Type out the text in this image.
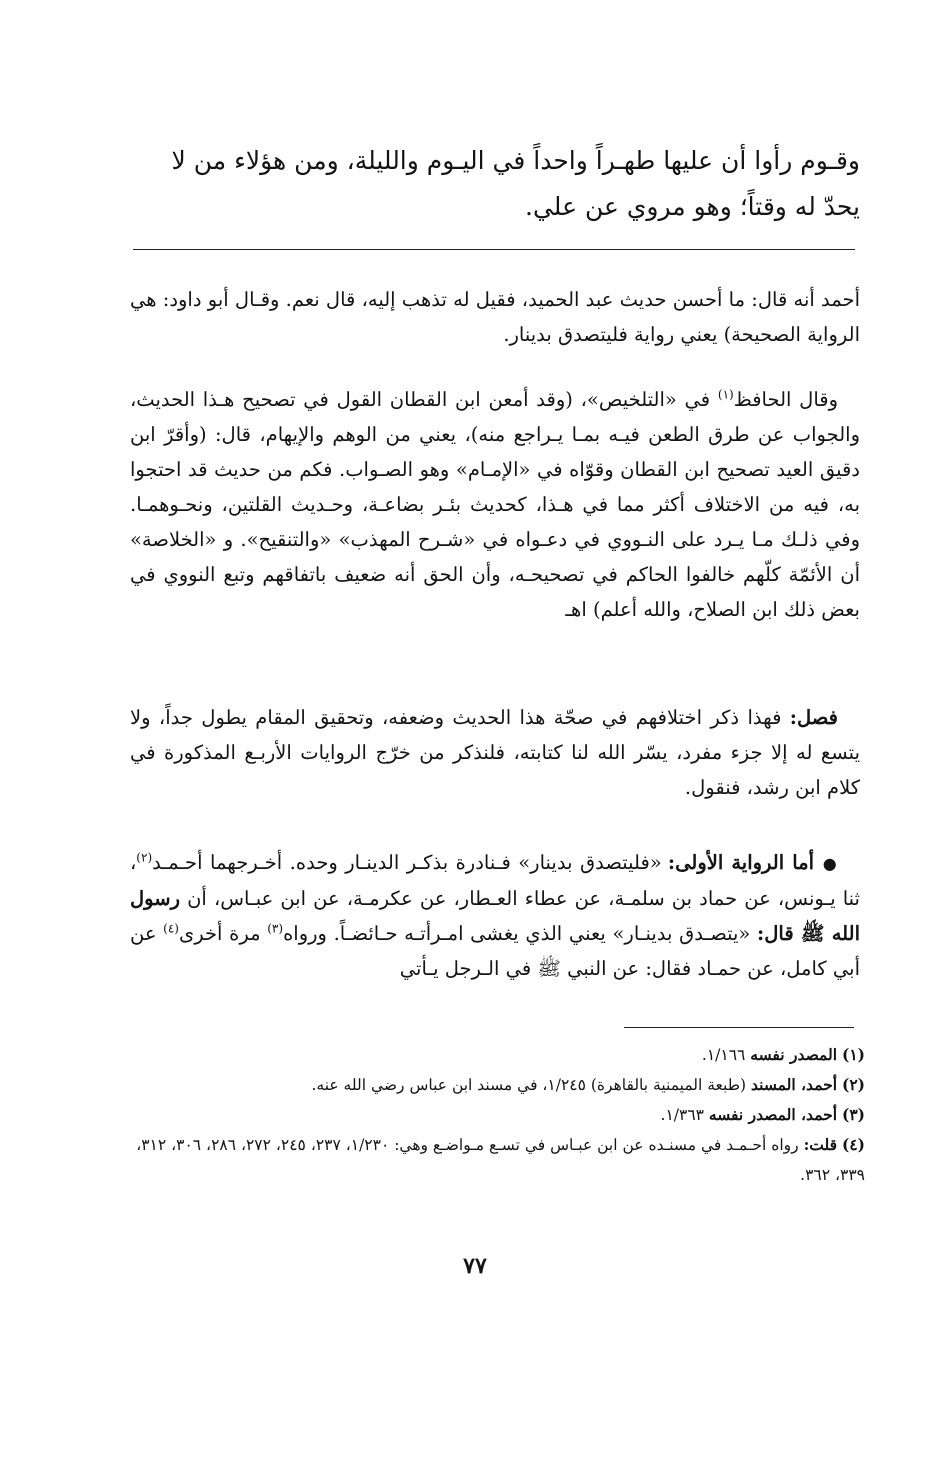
وقـوم رأوا أن عليها طهـراً واحداً في اليـوم والليلة، ومن هؤلاء من لا
يحدّ له وقتاً؛ وهو مروي عن علي.

أحمد أنه قال: ما أحسن حديث عبد الحميد، فقيل له تذهب إليه، قال نعم. وقـال أبو داود: هي الرواية الصحيحة) يعني رواية فليتصدق بدينار.

وقال الحافظ$^{(١)}$ في «التلخيص»، (وقد أمعن ابن القطان القول في تصحيح هـذا الحديث، والجواب عن طرق الطعن فيـه بمـا يـراجع منه)، يعني من الوهم والإيهام، قال: (وأقرّ ابن دقيق العيد تصحيح ابن القطان وقوّاه في «الإمـام» وهو الصـواب. فكم من حديث قد احتجوا به، فيه من الاختلاف أكثر مما في هـذا، كحديث بئـر بضاعـة، وحـديث القلتين، ونحـوهمـا. وفي ذلـك مـا يـرد على النـووي في دعـواه في «شـرح المهذب» «والتنقيح». و «الخلاصة» أن الأئمّة كلّهم خالفوا الحاكم في تصحيحـه، وأن الحق أنه ضعيف باتفاقهم وتبع النووي في بعض ذلك ابن الصلاح، والله أعلم) اهـ

فصل: فهذا ذكر اختلافهم في صحّة هذا الحديث وضعفه، وتحقيق المقام يطول جداً، ولا يتسع له إلا جزء مفرد، يسّر الله لنا كتابته، فلنذكر من خرّج الروايات الأربـع المذكورة في كلام ابن رشد، فنقول.

● أما الرواية الأولى: «فليتصدق بدينار» فـنادرة بذكـر الدينـار وحده. أخـرجهما أحـمـد$^{(٢)}$، ثنا يـونس، عن حماد بن سلمـة، عن عطاء العـطار، عن عكرمـة، عن ابن عبـاس، أن رسول الله ﷺ قال: «يتصـدق بدينـار» يعني الذي يغشى امـرأتـه حـائضـاً. ورواه$^{(٣)}$ مرة أخرى$^{(٤)}$ عن أبي كامل، عن حمـاد فقال: عن النبي ﷺ في الـرجل يـأتي

(١) المصدر نفسه ١/١٦٦.

(٢) أحمد، المسند (طبعة الميمنية بالقاهرة) ١/٢٤٥، في مسند ابن عباس رضي الله عنه.

(٣) أحمد، المصدر نفسه ١/٣٦٣.

(٤) قلت: رواه أحـمـد في مسنـده عن ابن عبـاس في تسـع مـواضـع وهي: ١/٢٣٠، ٢٣٧، ٢٤٥، ٢٧٢، ٢٨٦، ٣٠٦، ٣١٢، ٣٣٩، ٣٦٢.

٧٧
